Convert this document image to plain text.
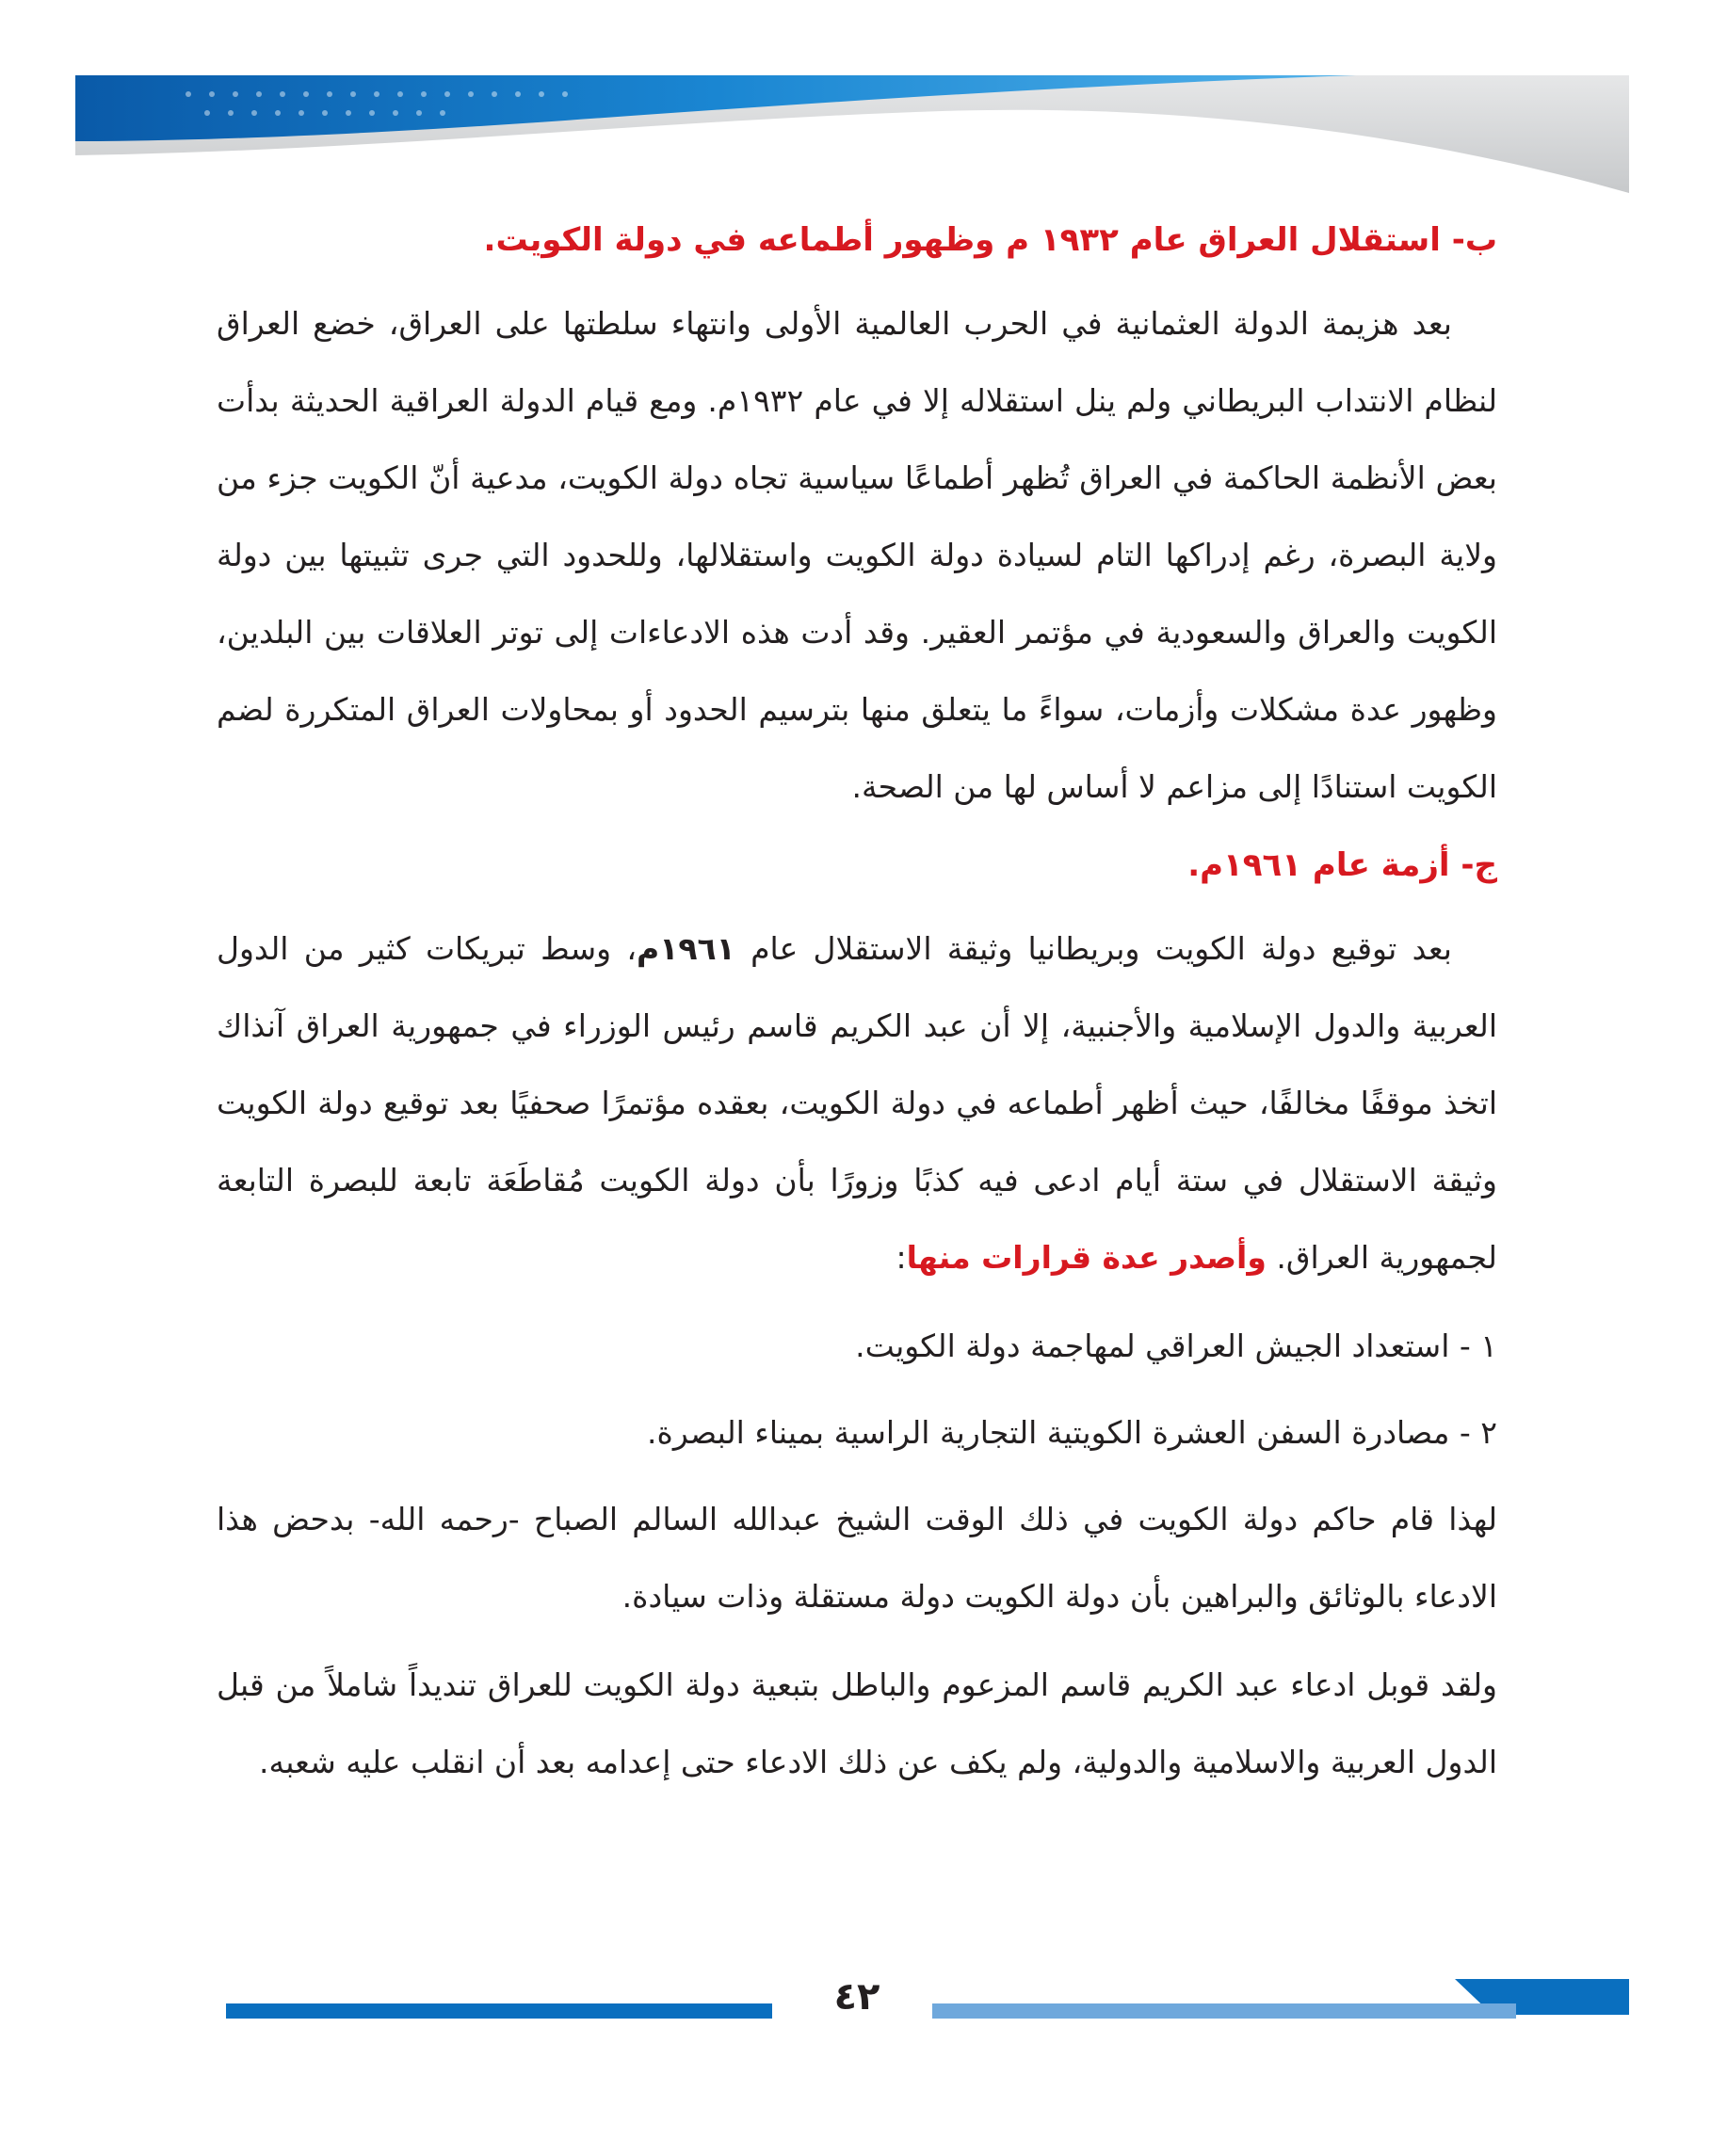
ب- استقلال العراق عام ١٩٣٢ م وظهور أطماعه في دولة الكويت.

بعد هزيمة الدولة العثمانية في الحرب العالمية الأولى وانتهاء سلطتها على العراق، خضع العراق لنظام الانتداب البريطاني ولم ينل استقلاله إلا في عام ١٩٣٢م. ومع قيام الدولة العراقية الحديثة بدأت بعض الأنظمة الحاكمة في العراق تُظهر أطماعًا سياسية تجاه دولة الكويت، مدعية أنّ الكويت جزء من ولاية البصرة، رغم إدراكها التام لسيادة دولة الكويت واستقلالها، وللحدود التي جرى تثبيتها بين دولة الكويت والعراق والسعودية في مؤتمر العقير. وقد أدت هذه الادعاءات إلى توتر العلاقات بين البلدين، وظهور عدة مشكلات وأزمات، سواءً ما يتعلق منها بترسيم الحدود أو بمحاولات العراق المتكررة لضم الكويت استنادًا إلى مزاعم لا أساس لها من الصحة.

ج- أزمة عام ١٩٦١م.

بعد توقيع دولة الكويت وبريطانيا وثيقة الاستقلال عام ١٩٦١م، وسط تبريكات كثير من الدول العربية والدول الإسلامية والأجنبية، إلا أن عبد الكريم قاسم رئيس الوزراء في جمهورية العراق آنذاك اتخذ موقفًا مخالفًا، حيث أظهر أطماعه في دولة الكويت، بعقده مؤتمرًا صحفيًا بعد توقيع دولة الكويت وثيقة الاستقلال في ستة أيام ادعى فيه كذبًا وزورًا بأن دولة الكويت مُقاطَعَة تابعة للبصرة التابعة لجمهورية العراق. وأصدر عدة قرارات منها:

١ - استعداد الجيش العراقي لمهاجمة دولة الكويت.

٢ - مصادرة السفن العشرة الكويتية التجارية الراسية بميناء البصرة.

لهذا قام حاكم دولة الكويت في ذلك الوقت الشيخ عبدالله السالم الصباح -رحمه الله- بدحض هذا الادعاء بالوثائق والبراهين بأن دولة الكويت دولة مستقلة وذات سيادة.

ولقد قوبل ادعاء عبد الكريم قاسم المزعوم والباطل بتبعية دولة الكويت للعراق تنديداً شاملاً من قبل الدول العربية والاسلامية والدولية، ولم يكف عن ذلك الادعاء حتى إعدامه بعد أن انقلب عليه شعبه.

٤٢
